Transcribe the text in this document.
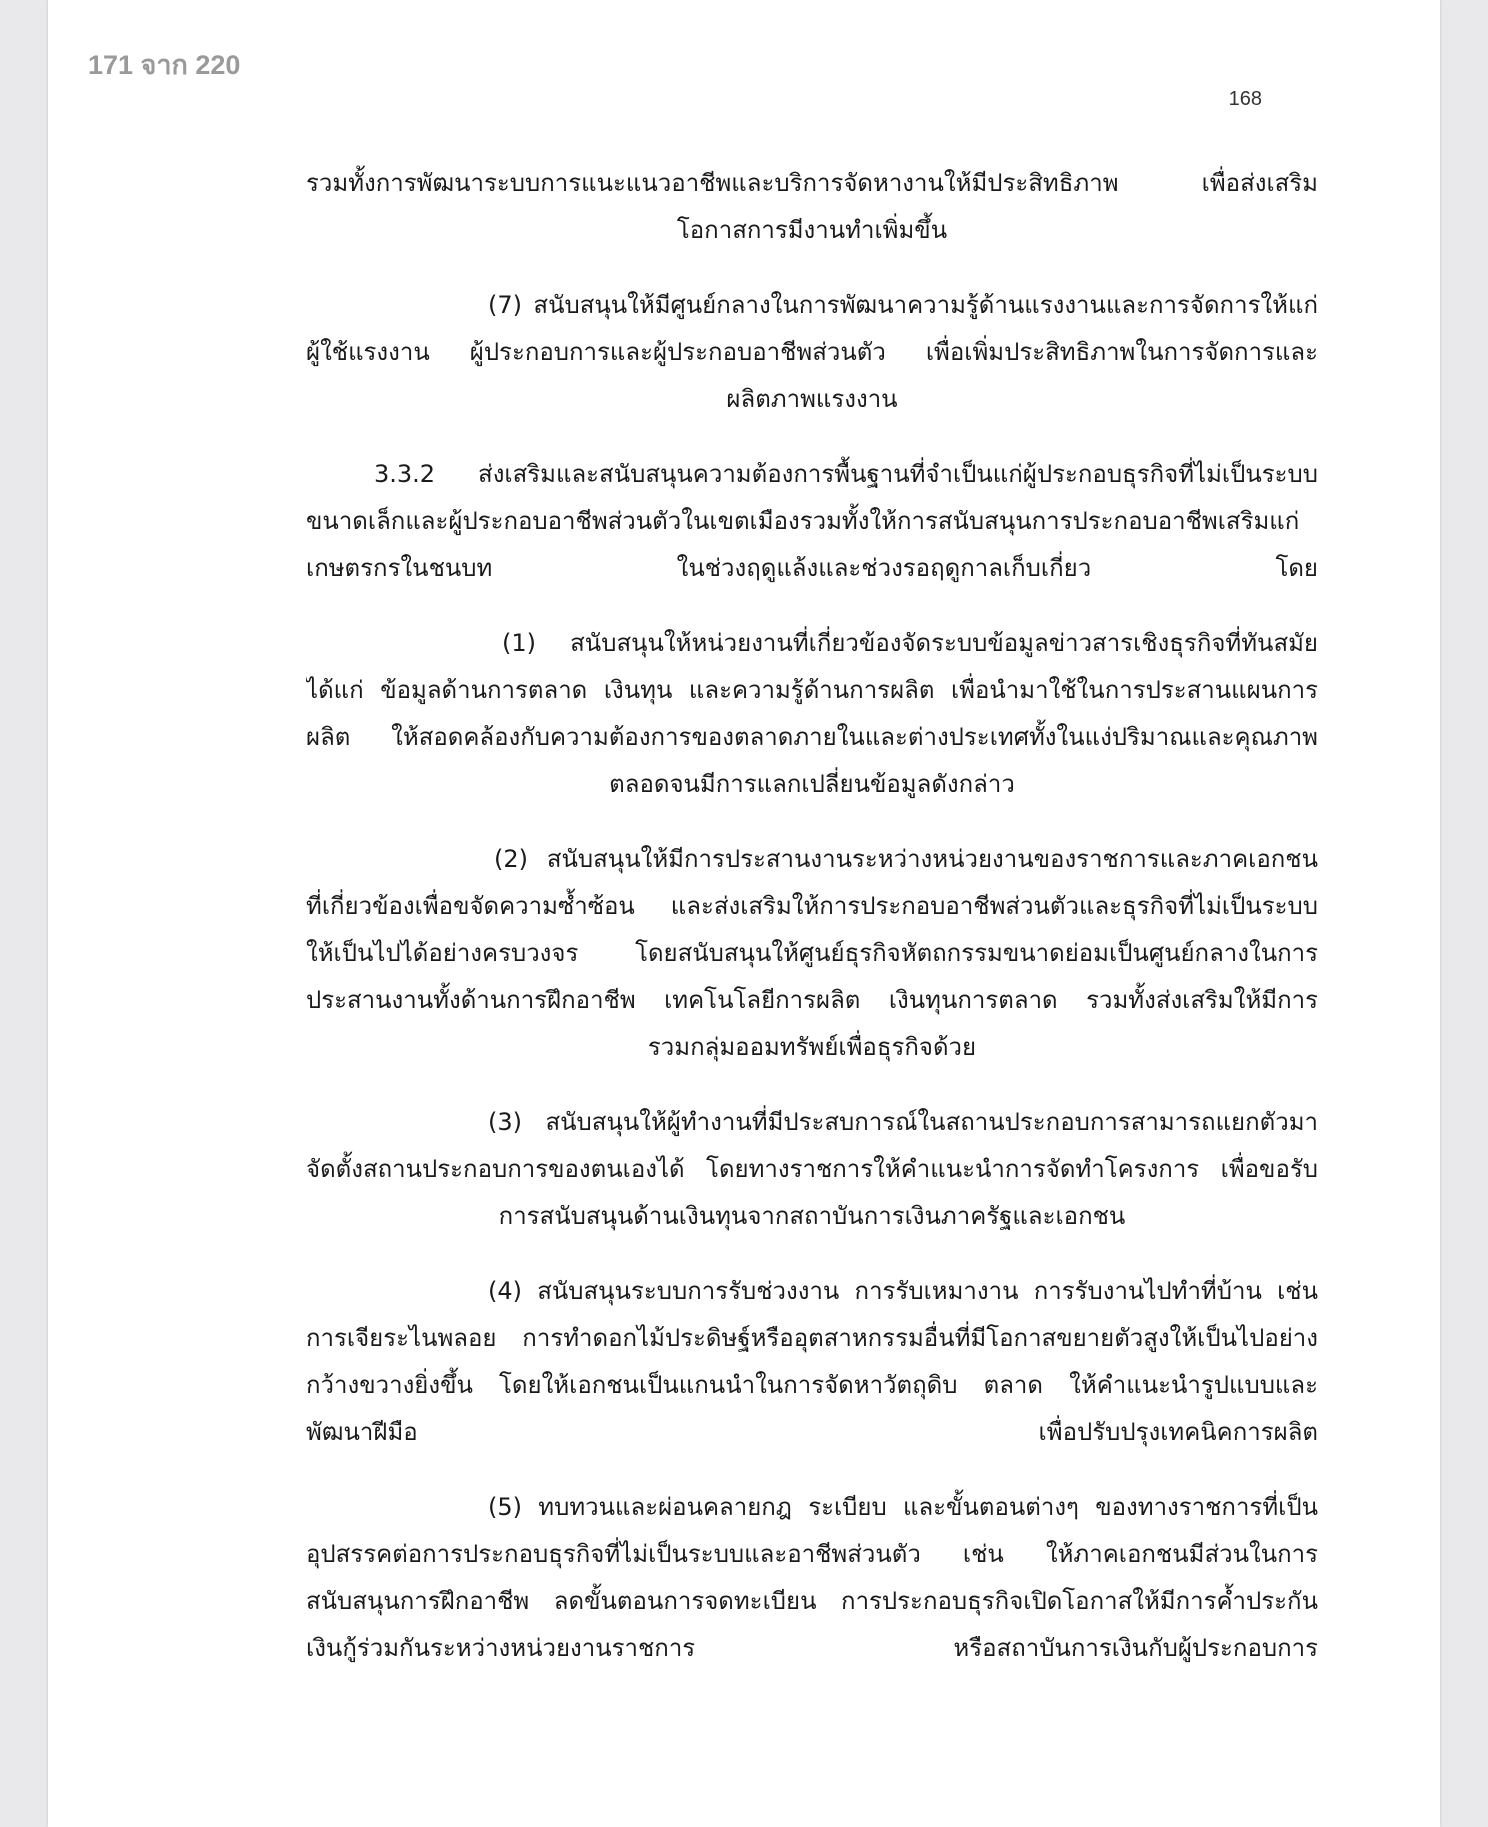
171 จาก 220
168
รวมทั้งการพัฒนาระบบการแนะแนวอาชีพและบริการจัดหางานให้มีประสิทธิภาพ เพื่อส่งเสริม
โอกาสการมีงานทำเพิ่มขึ้น
(7) สนับสนุนให้มีศูนย์กลางในการพัฒนาความรู้ด้านแรงงานและการจัดการให้แก่
ผู้ใช้แรงงาน ผู้ประกอบการและผู้ประกอบอาชีพส่วนตัว เพื่อเพิ่มประสิทธิภาพในการจัดการและ
ผลิตภาพแรงงาน
3.3.2 ส่งเสริมและสนับสนุนความต้องการพื้นฐานที่จำเป็นแก่ผู้ประกอบธุรกิจที่ไม่เป็นระบบ
ขนาดเล็กและผู้ประกอบอาชีพส่วนตัวในเขตเมืองรวมทั้งให้การสนับสนุนการประกอบอาชีพเสริมแก่
เกษตรกรในชนบท ในช่วงฤดูแล้งและช่วงรอฤดูกาลเก็บเกี่ยว โดย
(1) สนับสนุนให้หน่วยงานที่เกี่ยวข้องจัดระบบข้อมูลข่าวสารเชิงธุรกิจที่ทันสมัย
ได้แก่ ข้อมูลด้านการตลาด เงินทุน และความรู้ด้านการผลิต เพื่อนำมาใช้ในการประสานแผนการ
ผลิต ให้สอดคล้องกับความต้องการของตลาดภายในและต่างประเทศทั้งในแง่ปริมาณและคุณภาพ
ตลอดจนมีการแลกเปลี่ยนข้อมูลดังกล่าว
(2) สนับสนุนให้มีการประสานงานระหว่างหน่วยงานของราชการและภาคเอกชน
ที่เกี่ยวข้องเพื่อขจัดความซ้ำซ้อน และส่งเสริมให้การประกอบอาชีพส่วนตัวและธุรกิจที่ไม่เป็นระบบ
ให้เป็นไปได้อย่างครบวงจร โดยสนับสนุนให้ศูนย์ธุรกิจหัตถกรรมขนาดย่อมเป็นศูนย์กลางในการ
ประสานงานทั้งด้านการฝึกอาชีพ เทคโนโลยีการผลิต เงินทุนการตลาด รวมทั้งส่งเสริมให้มีการ
รวมกลุ่มออมทรัพย์เพื่อธุรกิจด้วย
(3) สนับสนุนให้ผู้ทำงานที่มีประสบการณ์ในสถานประกอบการสามารถแยกตัวมา
จัดตั้งสถานประกอบการของตนเองได้ โดยทางราชการให้คำแนะนำการจัดทำโครงการ เพื่อขอรับ
การสนับสนุนด้านเงินทุนจากสถาบันการเงินภาครัฐและเอกชน
(4) สนับสนุนระบบการรับช่วงงาน การรับเหมางาน การรับงานไปทำที่บ้าน เช่น
การเจียระไนพลอย การทำดอกไม้ประดิษฐ์หรืออุตสาหกรรมอื่นที่มีโอกาสขยายตัวสูงให้เป็นไปอย่าง
กว้างขวางยิ่งขึ้น โดยให้เอกชนเป็นแกนนำในการจัดหาวัตถุดิบ ตลาด ให้คำแนะนำรูปแบบและ
พัฒนาฝีมือ เพื่อปรับปรุงเทคนิคการผลิต
(5) ทบทวนและผ่อนคลายกฎ ระเบียบ และขั้นตอนต่างๆ ของทางราชการที่เป็น
อุปสรรคต่อการประกอบธุรกิจที่ไม่เป็นระบบและอาชีพส่วนตัว เช่น ให้ภาคเอกชนมีส่วนในการ
สนับสนุนการฝึกอาชีพ ลดขั้นตอนการจดทะเบียน การประกอบธุรกิจเปิดโอกาสให้มีการค้ำประกัน
เงินกู้ร่วมกันระหว่างหน่วยงานราชการ หรือสถาบันการเงินกับผู้ประกอบการ
